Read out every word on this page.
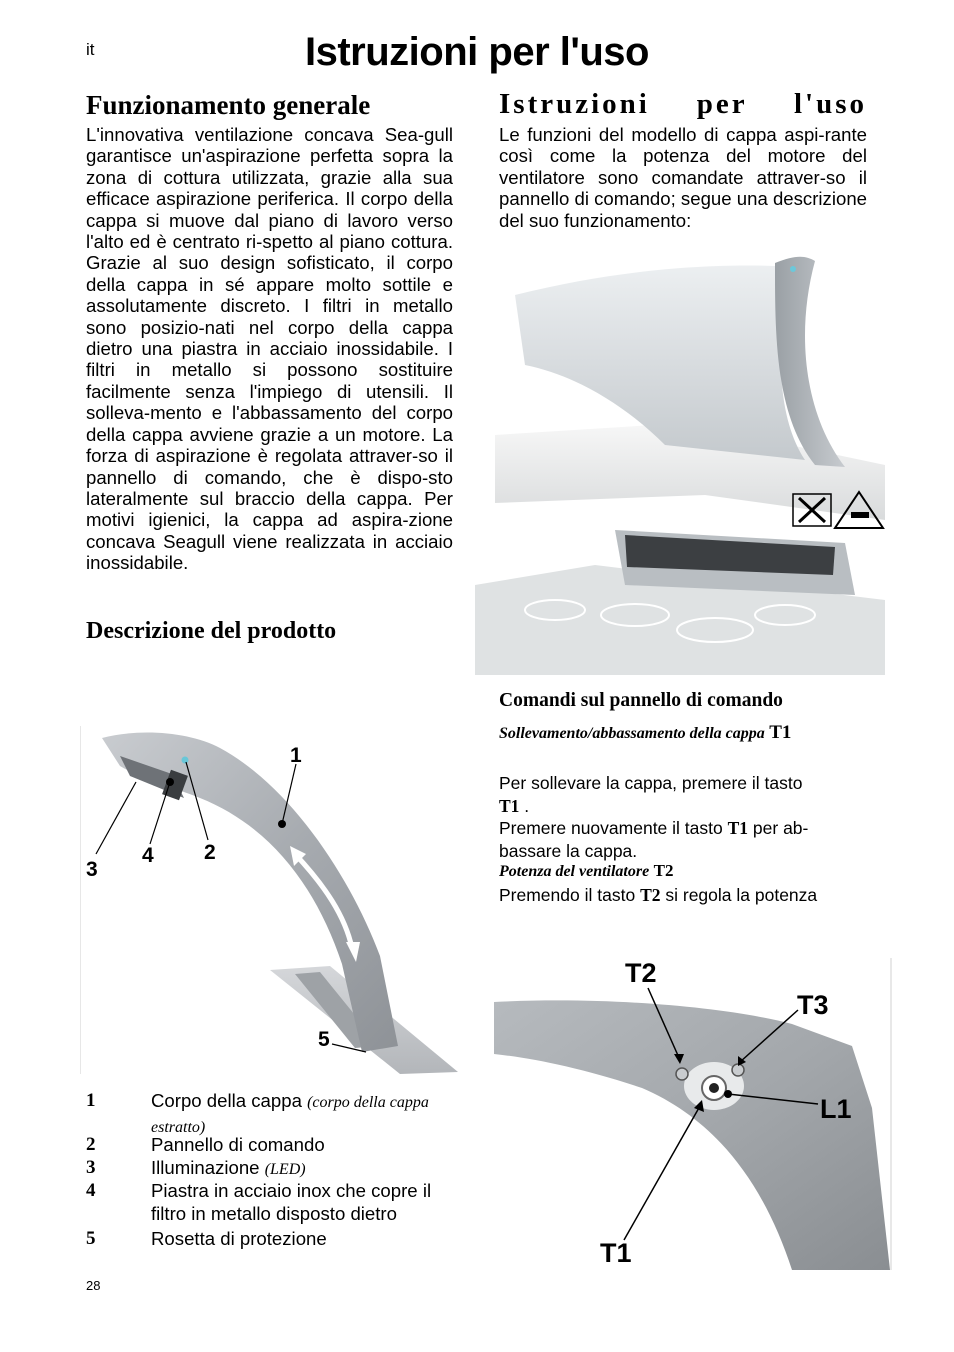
it	Istruzioni per l'uso
Funzionamento generale
L'innovativa ventilazione concava Sea-gull garantisce un'aspirazione perfetta sopra la zona di cottura utilizzata, grazie alla sua efficace aspirazione periferica. Il corpo della cappa si muove dal piano di lavoro verso l'alto ed è centrato ri-spetto al piano cottura. Grazie al suo design sofisticato, il corpo della cappa in sé appare molto sottile e assolutamente discreto. I filtri in metallo sono posizio-nati nel corpo della cappa dietro una piastra in acciaio inossidabile. I filtri in metallo si possono sostituire facilmente senza l'impiego di utensili. Il solleva-mento e l'abbassamento del corpo della cappa avviene grazie a un motore. La forza di aspirazione è regolata attraver-so il pannello di comando, che è dispo-sto lateralmente sul braccio della cappa. Per motivi igienici, la cappa ad aspira-zione concava Seagull viene realizzata in acciaio inossidabile.
Descrizione del prodotto
1
2
3
4
5
1	Corpo della cappa (corpo della cappa estratto)
2	Pannello di comando
3	Illuminazione (LED)
4	Piastra in acciaio inox che copre il filtro in metallo disposto dietro
5	Rosetta di protezione
Istruzioni per l'uso
Le funzioni del modello di cappa aspi-rante così come la potenza del motore del ventilatore sono comandate attraver-so il pannello di comando; segue una descrizione del suo funzionamento:
Comandi sul pannello di comando
Sollevamento/abbassamento della cappa T1
Per sollevare la cappa, premere il tasto
T1 .
Premere nuovamente il tasto T1 per ab-bassare la cappa.
Potenza del ventilatore T2
Premendo il tasto T2 si regola la potenza
T2
T3
L1
T1
28
